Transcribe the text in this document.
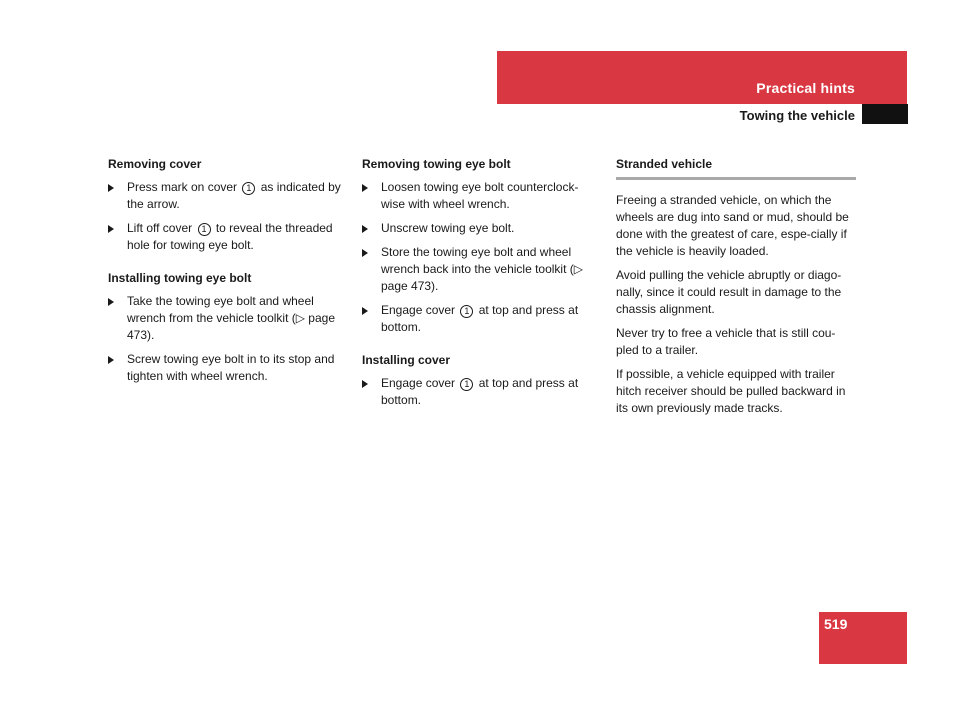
Practical hints
Towing the vehicle
Removing cover
Press mark on cover 1 as indicated by the arrow.
Lift off cover 1 to reveal the threaded hole for towing eye bolt.
Installing towing eye bolt
Take the towing eye bolt and wheel wrench from the vehicle toolkit (▷ page 473).
Screw towing eye bolt in to its stop and tighten with wheel wrench.
Removing towing eye bolt
Loosen towing eye bolt counterclock-wise with wheel wrench.
Unscrew towing eye bolt.
Store the towing eye bolt and wheel wrench back into the vehicle toolkit (▷ page 473).
Engage cover 1 at top and press at bottom.
Installing cover
Engage cover 1 at top and press at bottom.
Stranded vehicle

Freeing a stranded vehicle, on which the wheels are dug into sand or mud, should be done with the greatest of care, espe-cially if the vehicle is heavily loaded.

Avoid pulling the vehicle abruptly or diago-nally, since it could result in damage to the chassis alignment.

Never try to free a vehicle that is still cou-pled to a trailer.

If possible, a vehicle equipped with trailer hitch receiver should be pulled backward in its own previously made tracks.

519
